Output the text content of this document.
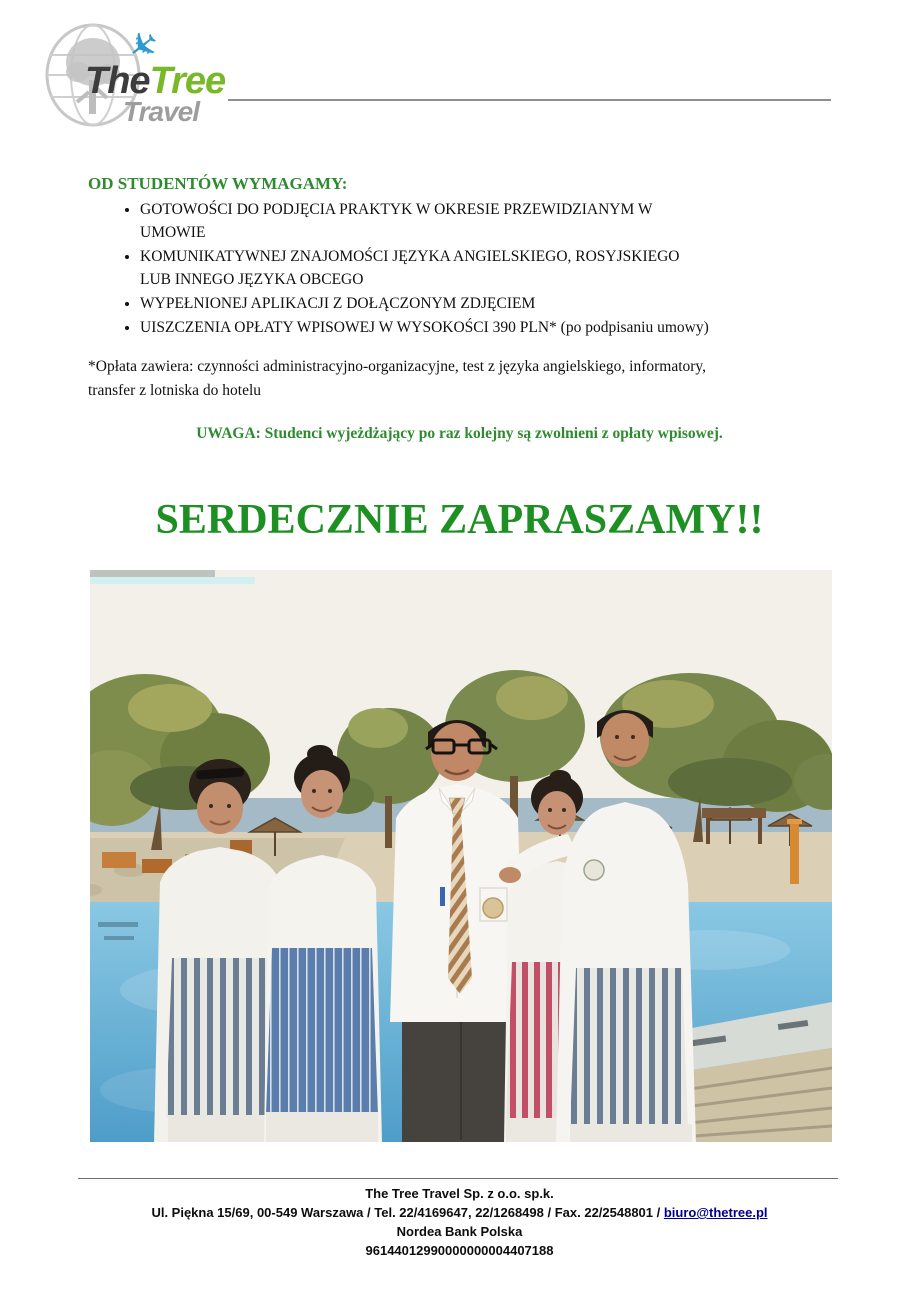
✈
TheTree
Travel
OD STUDENTÓW WYMAGAMY:
• GOTOWOŚCI DO PODJĘCIA PRAKTYK W OKRESIE PRZEWIDZIANYM W
UMOWIE
• KOMUNIKATYWNEJ ZNAJOMOŚCI JĘZYKA ANGIELSKIEGO, ROSYJSKIEGO
LUB INNEGO JĘZYKA OBCEGO
• WYPEŁNIONEJ APLIKACJI Z DOŁĄCZONYM ZDJĘCIEM
• UISZCZENIA OPŁATY WPISOWEJ W WYSOKOŚCI 390 PLN* (po podpisaniu umowy)

*Opłata zawiera: czynności administracyjno-organizacyjne, test z języka angielskiego, informatory,
transfer z lotniska do hotelu

UWAGA: Studenci wyjeżdżający po raz kolejny są zwolnieni z opłaty wpisowej.

SERDECZNIE ZAPRASZAMY!!
The Tree Travel Sp. z o.o. sp.k.
Ul. Piękna 15/69, 00-549 Warszawa / Tel. 22/4169647, 22/1268498 / Fax. 22/2548801 / biuro@thetree.pl
Nordea Bank Polska
96144012990000000004407188
